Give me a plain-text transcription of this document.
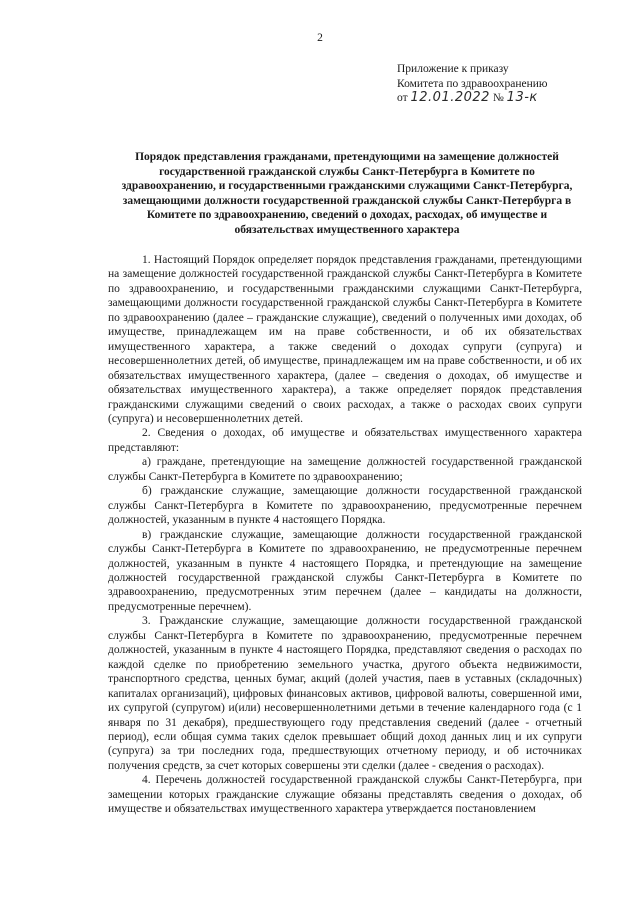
2
Приложение к приказу
Комитета по здравоохранению
от 12.01.2022 № 13-к
Порядок представления гражданами, претендующими на замещение должностей государственной гражданской службы Санкт-Петербурга в Комитете по здравоохранению, и государственными гражданскими служащими Санкт-Петербурга, замещающими должности государственной гражданской службы Санкт-Петербурга в Комитете по здравоохранению, сведений о доходах, расходах, об имуществе и обязательствах имущественного характера

1. Настоящий Порядок определяет порядок представления гражданами, претендующими на замещение должностей государственной гражданской службы Санкт-Петербурга в Комитете по здравоохранению, и государственными гражданскими служащими Санкт-Петербурга, замещающими должности государственной гражданской службы Санкт-Петербурга в Комитете по здравоохранению (далее – гражданские служащие), сведений о полученных ими доходах, об имуществе, принадлежащем им на праве собственности, и об их обязательствах имущественного характера, а также сведений о доходах супруги (супруга) и несовершеннолетних детей, об имуществе, принадлежащем им на праве собственности, и об их обязательствах имущественного характера, (далее – сведения о доходах, об имуществе и обязательствах имущественного характера), а также определяет порядок представления гражданскими служащими сведений о своих расходах, а также о расходах своих супруги (супруга) и несовершеннолетних детей.

2. Сведения о доходах, об имуществе и обязательствах имущественного характера представляют:

а) граждане, претендующие на замещение должностей государственной гражданской службы Санкт-Петербурга в Комитете по здравоохранению;

б) гражданские служащие, замещающие должности государственной гражданской службы Санкт-Петербурга в Комитете по здравоохранению, предусмотренные перечнем должностей, указанным в пункте 4 настоящего Порядка.

в) гражданские служащие, замещающие должности государственной гражданской службы Санкт-Петербурга в Комитете по здравоохранению, не предусмотренные перечнем должностей, указанным в пункте 4 настоящего Порядка, и претендующие на замещение должностей государственной гражданской службы Санкт-Петербурга в Комитете по здравоохранению, предусмотренных этим перечнем (далее – кандидаты на должности, предусмотренные перечнем).

3. Гражданские служащие, замещающие должности государственной гражданской службы Санкт-Петербурга в Комитете по здравоохранению, предусмотренные перечнем должностей, указанным в пункте 4 настоящего Порядка, представляют сведения о расходах по каждой сделке по приобретению земельного участка, другого объекта недвижимости, транспортного средства, ценных бумаг, акций (долей участия, паев в уставных (складочных) капиталах организаций), цифровых финансовых активов, цифровой валюты, совершенной ими, их супругой (супругом) и(или) несовершеннолетними детьми в течение календарного года (с 1 января по 31 декабря), предшествующего году представления сведений (далее - отчетный период), если общая сумма таких сделок превышает общий доход данных лиц и их супруги (супруга) за три последних года, предшествующих отчетному периоду, и об источниках получения средств, за счет которых совершены эти сделки (далее - сведения о расходах).

4. Перечень должностей государственной гражданской службы Санкт-Петербурга, при замещении которых гражданские служащие обязаны представлять сведения о доходах, об имуществе и обязательствах имущественного характера утверждается постановлением
